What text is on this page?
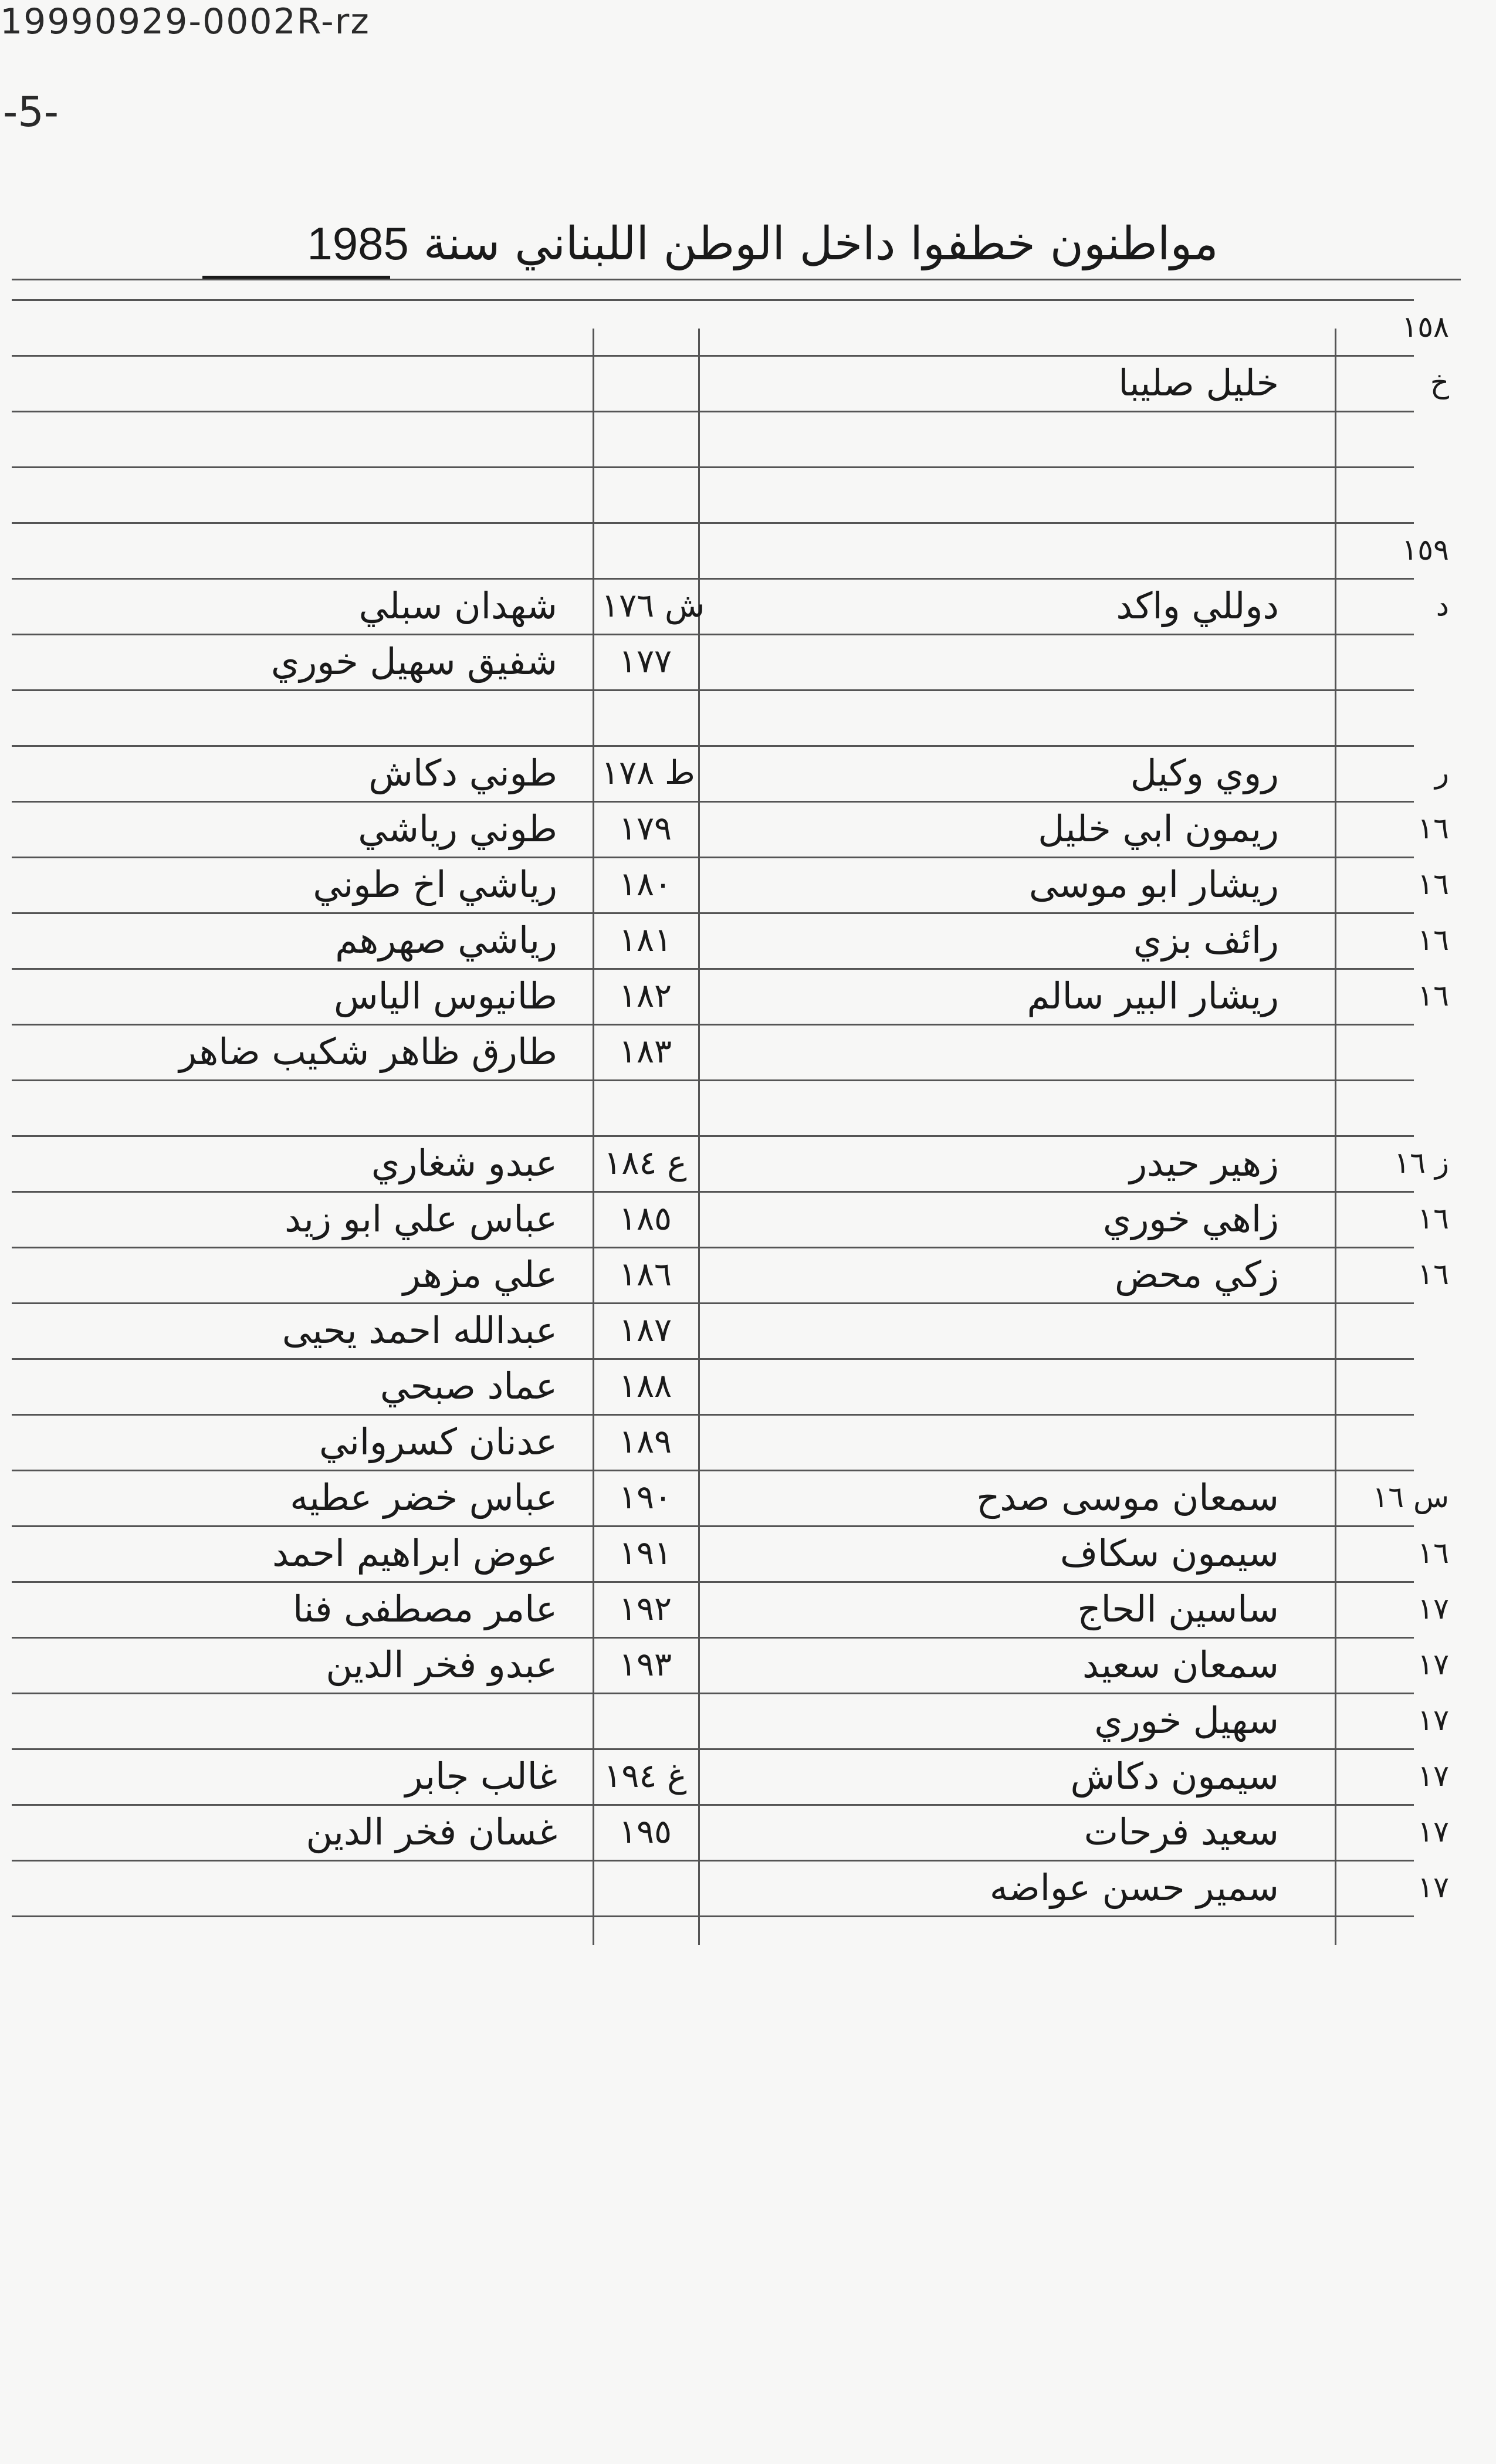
19990929-0002R-rz
-5-
مواطنون خطفوا داخل الوطن اللبناني سنة 1985
١٥٨
خ
خليل صليبا
١٥٩
د
دوللي واكد
ش ١٧٦
شهدان سبلي
١٧٧
شفيق سهيل خوري
ر
روي وكيل
ط ١٧٨
طوني دكاش
١٦
ريمون ابي خليل
١٧٩
طوني رياشي
١٦
ريشار ابو موسى
١٨٠
رياشي اخ طوني
١٦
رائف بزي
١٨١
رياشي صهرهم
١٦
ريشار البير سالم
١٨٢
طانيوس الياس
١٨٣
طارق ظاهر شكيب ضاهر
ز ١٦
زهير حيدر
ع ١٨٤
عبدو شغاري
١٦
زاهي خوري
١٨٥
عباس علي ابو زيد
١٦
زكي محض
١٨٦
علي مزهر
١٨٧
عبدالله احمد يحيى
١٨٨
عماد صبحي
١٨٩
عدنان كسرواني
س ١٦
سمعان موسى صدح
١٩٠
عباس خضر عطيه
١٦
سيمون سكاف
١٩١
عوض ابراهيم احمد
١٧
ساسين الحاج
١٩٢
عامر مصطفى فنا
١٧
سمعان سعيد
١٩٣
عبدو فخر الدين
١٧
سهيل خوري
١٧
سيمون دكاش
غ ١٩٤
غالب جابر
١٧
سعيد فرحات
١٩٥
غسان فخر الدين
١٧
سمير حسن عواضه
